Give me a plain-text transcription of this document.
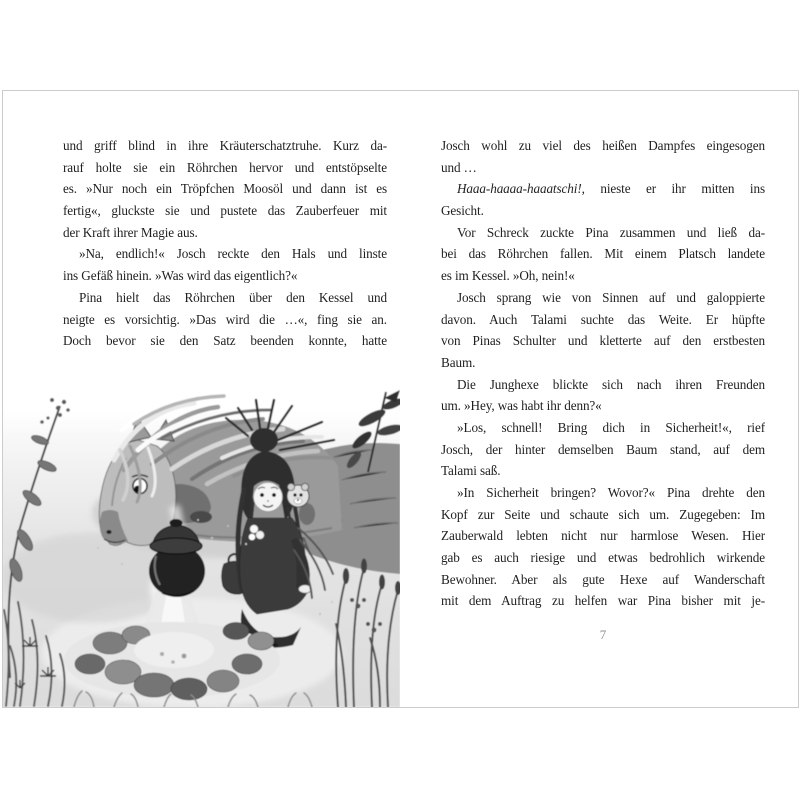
und griff blind in ihre Kräuterschatztruhe. Kurz da-
rauf holte sie ein Röhrchen hervor und entstöpselte
es. »Nur noch ein Tröpfchen Moosöl und dann ist es
fertig«, gluckste sie und pustete das Zauberfeuer mit
der Kraft ihrer Magie aus.
»Na, endlich!« Josch reckte den Hals und linste
ins Gefäß hinein. »Was wird das eigentlich?«
Pina hielt das Röhrchen über den Kessel und
neigte es vorsichtig. »Das wird die …«, fing sie an.
Doch bevor sie den Satz beenden konnte, hatte
Josch wohl zu viel des heißen Dampfes eingesogen
und …
Haaa-haaaa-haaatschi!, nieste er ihr mitten ins
Gesicht.
Vor Schreck zuckte Pina zusammen und ließ da-
bei das Röhrchen fallen. Mit einem Platsch landete
es im Kessel. »Oh, nein!«
Josch sprang wie von Sinnen auf und galoppierte
davon. Auch Talami suchte das Weite. Er hüpfte
von Pinas Schulter und kletterte auf den erstbesten
Baum.
Die Junghexe blickte sich nach ihren Freunden
um. »Hey, was habt ihr denn?«
»Los, schnell! Bring dich in Sicherheit!«, rief
Josch, der hinter demselben Baum stand, auf dem
Talami saß.
»In Sicherheit bringen? Wovor?« Pina drehte den
Kopf zur Seite und schaute sich um. Zugegeben: Im
Zauberwald lebten nicht nur harmlose Wesen. Hier
gab es auch riesige und etwas bedrohlich wirkende
Bewohner. Aber als gute Hexe auf Wanderschaft
mit dem Auftrag zu helfen war Pina bisher mit je-
7
